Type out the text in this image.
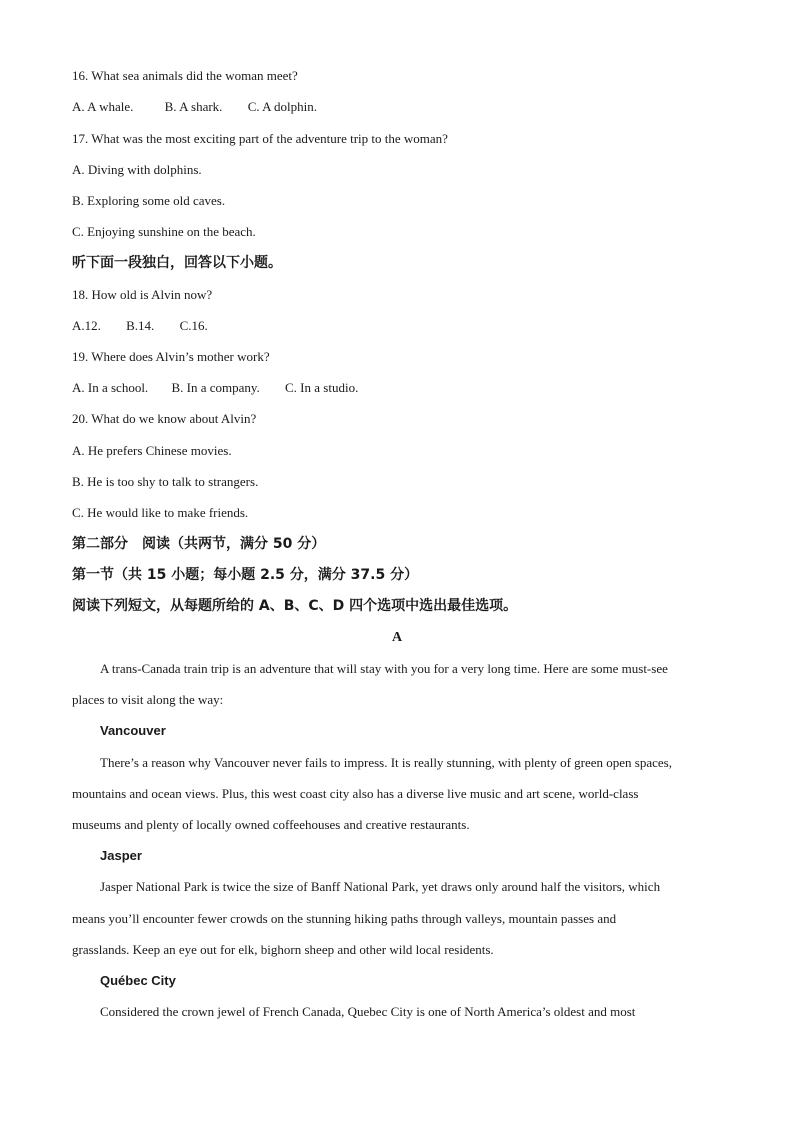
16. What sea animals did the woman meet?
A. A whale. B. A shark. C. A dolphin.
17. What was the most exciting part of the adventure trip to the woman?
A. Diving with dolphins.
B. Exploring some old caves.
C. Enjoying sunshine on the beach.
听下面一段独白，回答以下小题。
18. How old is Alvin now?
A.12. B.14. C.16.
19. Where does Alvin’s mother work?
A. In a school. B. In a company. C. In a studio.
20. What do we know about Alvin?
A. He prefers Chinese movies.
B. He is too shy to talk to strangers.
C. He would like to make friends.
第二部分　阅读（共两节，满分 50 分）
第一节（共 15 小题；每小题 2.5 分，满分 37.5 分）
阅读下列短文，从每题所给的 A、B、C、D 四个选项中选出最佳选项。
A
A trans-Canada train trip is an adventure that will stay with you for a very long time. Here are some must-see
places to visit along the way:
Vancouver
There’s a reason why Vancouver never fails to impress. It is really stunning, with plenty of green open spaces,
mountains and ocean views. Plus, this west coast city also has a diverse live music and art scene, world-class
museums and plenty of locally owned coffeehouses and creative restaurants.
Jasper
Jasper National Park is twice the size of Banff National Park, yet draws only around half the visitors, which
means you’ll encounter fewer crowds on the stunning hiking paths through valleys, mountain passes and
grasslands. Keep an eye out for elk, bighorn sheep and other wild local residents.
Québec City
Considered the crown jewel of French Canada, Quebec City is one of North America’s oldest and most
